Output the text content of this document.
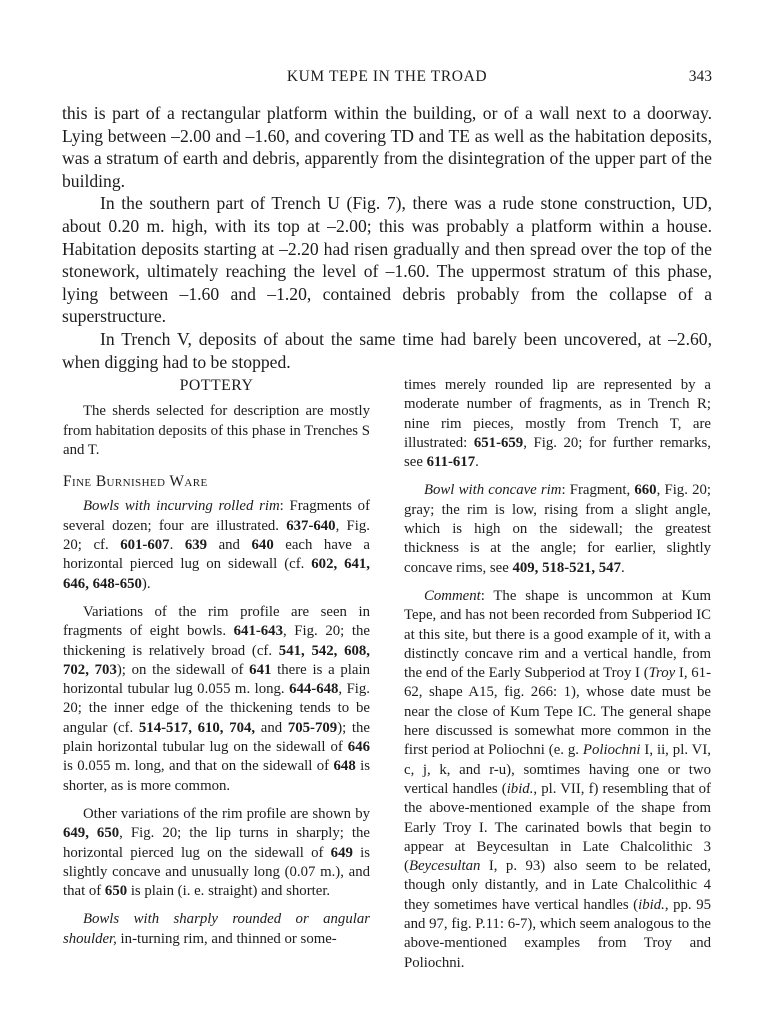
KUM TEPE IN THE TROAD	343

this is part of a rectangular platform within the building, or of a wall next to a doorway. Lying between –2.00 and –1.60, and covering TD and TE as well as the habitation deposits, was a stratum of earth and debris, apparently from the disintegration of the upper part of the building.

In the southern part of Trench U (Fig. 7), there was a rude stone construction, UD, about 0.20 m. high, with its top at –2.00; this was probably a platform within a house. Habitation deposits starting at –2.20 had risen gradually and then spread over the top of the stonework, ultimately reaching the level of –1.60. The uppermost stratum of this phase, lying between –1.60 and –1.20, contained debris probably from the collapse of a superstructure.

In Trench V, deposits of about the same time had barely been uncovered, at –2.60, when digging had to be stopped.

POTTERY

The sherds selected for description are mostly from habitation deposits of this phase in Trenches S and T.

Fine Burnished Ware

Bowls with incurving rolled rim: Fragments of several dozen; four are illustrated. 637-640, Fig. 20; cf. 601-607. 639 and 640 each have a horizontal pierced lug on sidewall (cf. 602, 641, 646, 648-650).

Variations of the rim profile are seen in fragments of eight bowls. 641-643, Fig. 20; the thickening is relatively broad (cf. 541, 542, 608, 702, 703); on the sidewall of 641 there is a plain horizontal tubular lug 0.055 m. long. 644-648, Fig. 20; the inner edge of the thickening tends to be angular (cf. 514-517, 610, 704, and 705-709); the plain horizontal tubular lug on the sidewall of 646 is 0.055 m. long, and that on the sidewall of 648 is shorter, as is more common.

Other variations of the rim profile are shown by 649, 650, Fig. 20; the lip turns in sharply; the horizontal pierced lug on the sidewall of 649 is slightly concave and unusually long (0.07 m.), and that of 650 is plain (i. e. straight) and shorter.

Bowls with sharply rounded or angular shoulder, in-turning rim, and thinned or some-

times merely rounded lip are represented by a moderate number of fragments, as in Trench R; nine rim pieces, mostly from Trench T, are illustrated: 651-659, Fig. 20; for further remarks, see 611-617.

Bowl with concave rim: Fragment, 660, Fig. 20; gray; the rim is low, rising from a slight angle, which is high on the sidewall; the greatest thickness is at the angle; for earlier, slightly concave rims, see 409, 518-521, 547.

Comment: The shape is uncommon at Kum Tepe, and has not been recorded from Subperiod IC at this site, but there is a good example of it, with a distinctly concave rim and a vertical handle, from the end of the Early Subperiod at Troy I (Troy I, 61-62, shape A15, fig. 266: 1), whose date must be near the close of Kum Tepe IC. The general shape here discussed is somewhat more common in the first period at Poliochni (e. g. Poliochni I, ii, pl. VI, c, j, k, and r-u), somtimes having one or two vertical handles (ibid., pl. VII, f) resembling that of the above-mentioned example of the shape from Early Troy I. The carinated bowls that begin to appear at Beycesultan in Late Chalcolithic 3 (Beycesultan I, p. 93) also seem to be related, though only distantly, and in Late Chalcolithic 4 they sometimes have vertical handles (ibid., pp. 95 and 97, fig. P.11: 6-7), which seem analogous to the above-mentioned examples from Troy and Poliochni.
